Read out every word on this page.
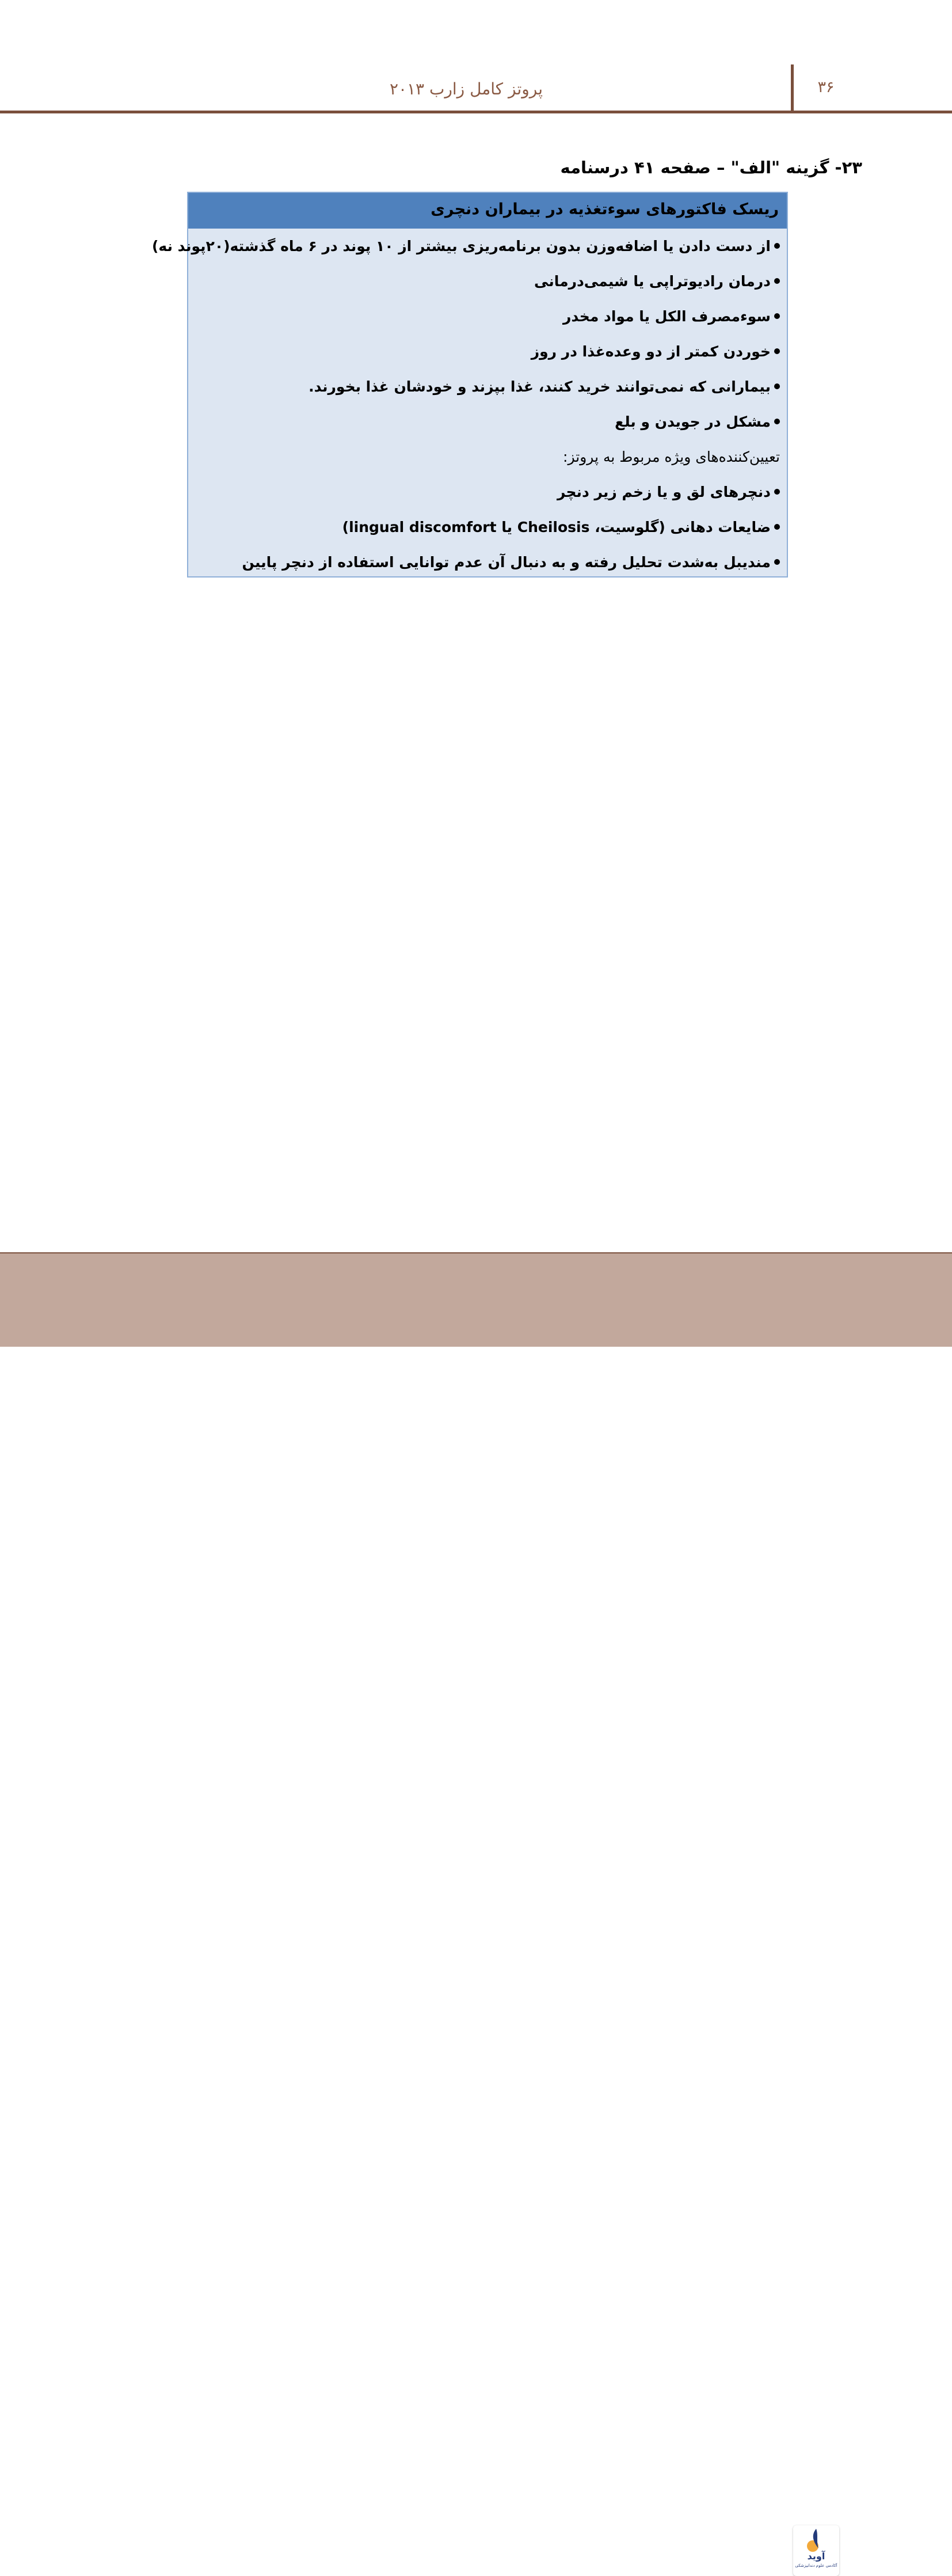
۳۶
پروتز کامل زارب ۲۰۱۳
۲۳- گزینه "الف" – صفحه ۴۱ درسنامه
ریسک فاکتورهای سوءتغذیه در بیماران دنچری
از دست دادن یا اضافه‌وزن بدون برنامه‌ریزی بیشتر از ۱۰ پوند در ۶ ماه گذشته(۲۰پوند نه)
درمان رادیوتراپی یا شیمی‌درمانی
سوءمصرف الکل یا مواد مخدر
خوردن کمتر از دو وعده‌غذا در روز
بیمارانی که نمی‌توانند خرید کنند، غذا بپزند و خودشان غذا بخورند.
مشکل در جویدن و بلع
تعیین‌کننده‌های ویژه مربوط به پروتز:
دنچرهای لق و یا زخم زیر دنچر
ضایعات دهانی (گلوسیت، Cheilosis یا lingual discomfort)
مندیبل به‌شدت تحلیل رفته و به دنبال آن عدم توانایی استفاده از دنچر پایین
آوید
آکادمی علوم دندانپزشکی
